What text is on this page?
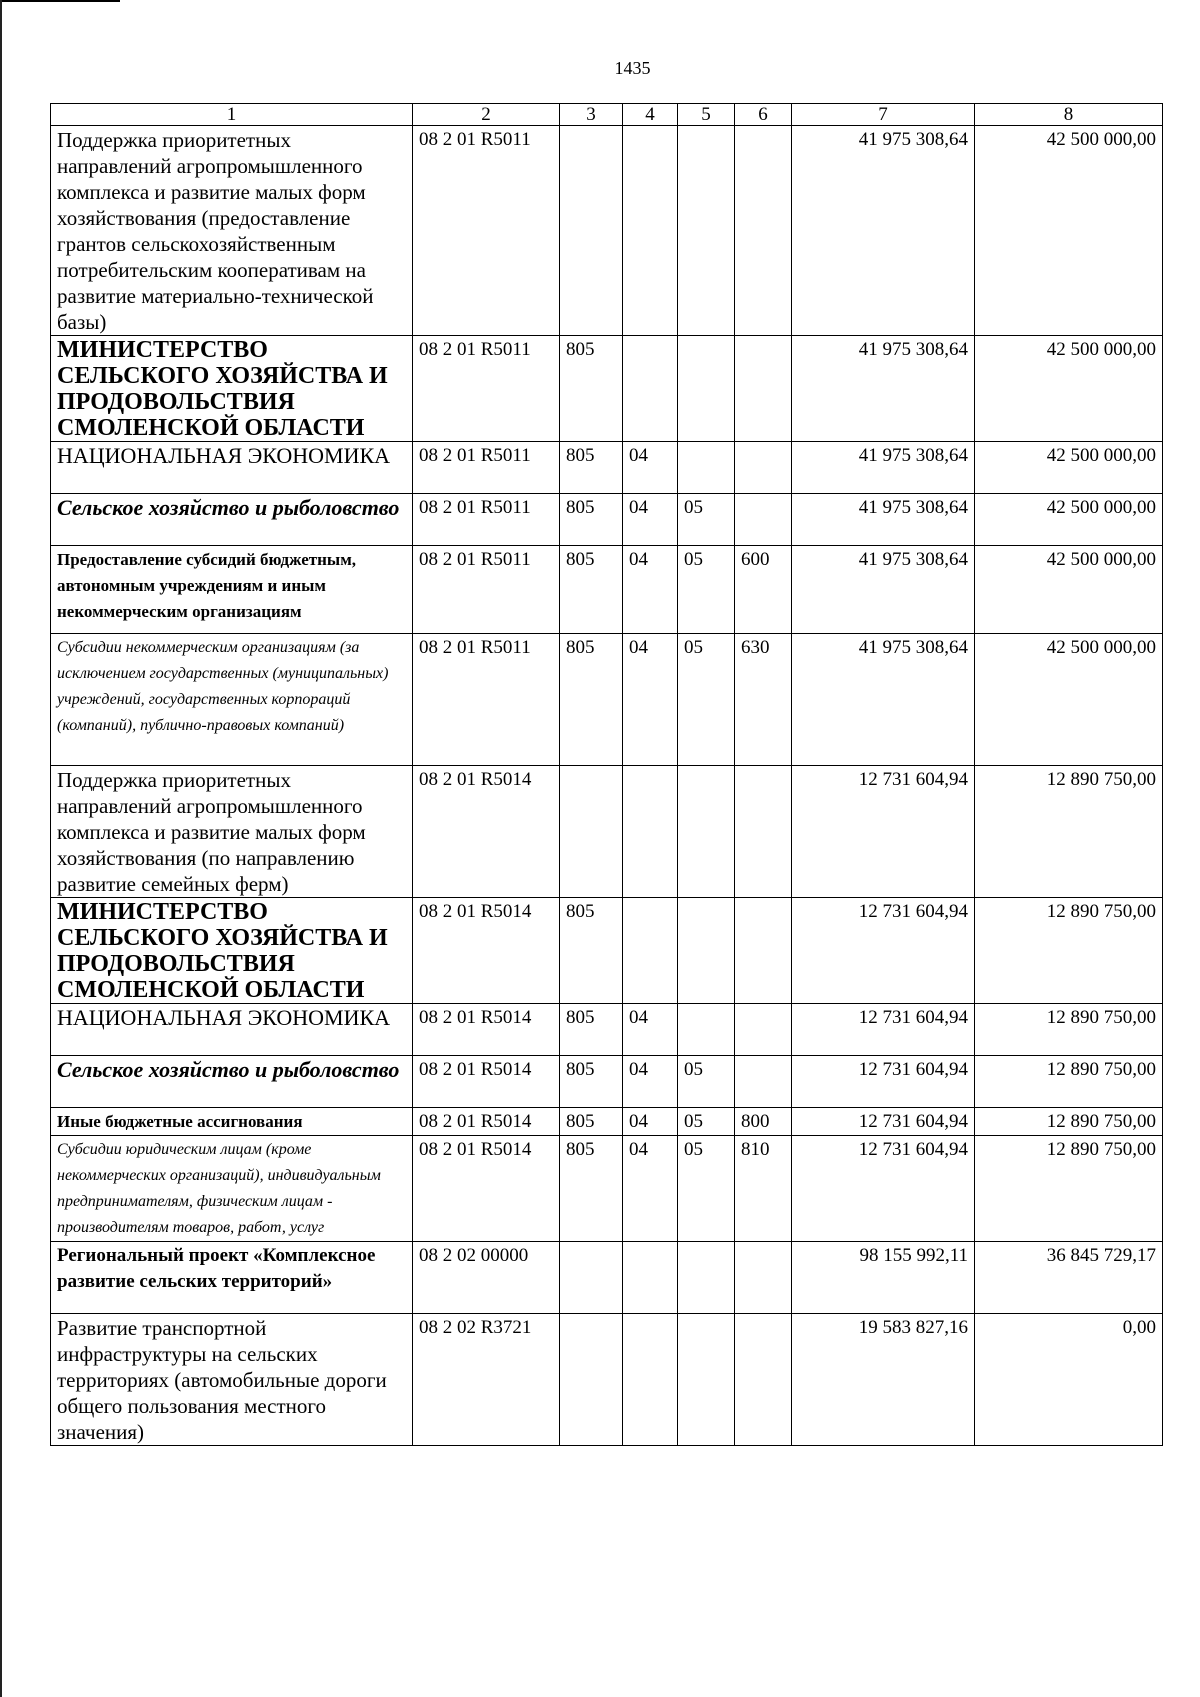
1435
1	2	3	4	5	6	7	8
Поддержка приоритетных направлений агропромышленного комплекса и развитие малых форм хозяйствования (предоставление грантов сельскохозяйственным потребительским кооперативам на развитие материально-технической базы)	08 2 01 R5011					41 975 308,64	42 500 000,00
МИНИСТЕРСТВО СЕЛЬСКОГО ХОЗЯЙСТВА И ПРОДОВОЛЬСТВИЯ СМОЛЕНСКОЙ ОБЛАСТИ	08 2 01 R5011	805				41 975 308,64	42 500 000,00
НАЦИОНАЛЬНАЯ ЭКОНОМИКА	08 2 01 R5011	805	04			41 975 308,64	42 500 000,00
Сельское хозяйство и рыболовство	08 2 01 R5011	805	04	05		41 975 308,64	42 500 000,00
Предоставление субсидий бюджетным, автономным учреждениям и иным некоммерческим организациям	08 2 01 R5011	805	04	05	600	41 975 308,64	42 500 000,00
Субсидии некоммерческим организациям (за исключением государственных (муниципальных) учреждений, государственных корпораций (компаний), публично-правовых компаний)	08 2 01 R5011	805	04	05	630	41 975 308,64	42 500 000,00
Поддержка приоритетных направлений агропромышленного комплекса и развитие малых форм хозяйствования (по направлению развитие семейных ферм)	08 2 01 R5014					12 731 604,94	12 890 750,00
МИНИСТЕРСТВО СЕЛЬСКОГО ХОЗЯЙСТВА И ПРОДОВОЛЬСТВИЯ СМОЛЕНСКОЙ ОБЛАСТИ	08 2 01 R5014	805				12 731 604,94	12 890 750,00
НАЦИОНАЛЬНАЯ ЭКОНОМИКА	08 2 01 R5014	805	04			12 731 604,94	12 890 750,00
Сельское хозяйство и рыболовство	08 2 01 R5014	805	04	05		12 731 604,94	12 890 750,00
Иные бюджетные ассигнования	08 2 01 R5014	805	04	05	800	12 731 604,94	12 890 750,00
Субсидии юридическим лицам (кроме некоммерческих организаций), индивидуальным предпринимателям, физическим лицам - производителям товаров, работ, услуг	08 2 01 R5014	805	04	05	810	12 731 604,94	12 890 750,00
Региональный проект «Комплексное развитие сельских территорий»	08 2 02 00000					98 155 992,11	36 845 729,17
Развитие транспортной инфраструктуры на сельских территориях (автомобильные дороги общего пользования местного значения)	08 2 02 R3721					19 583 827,16	0,00
